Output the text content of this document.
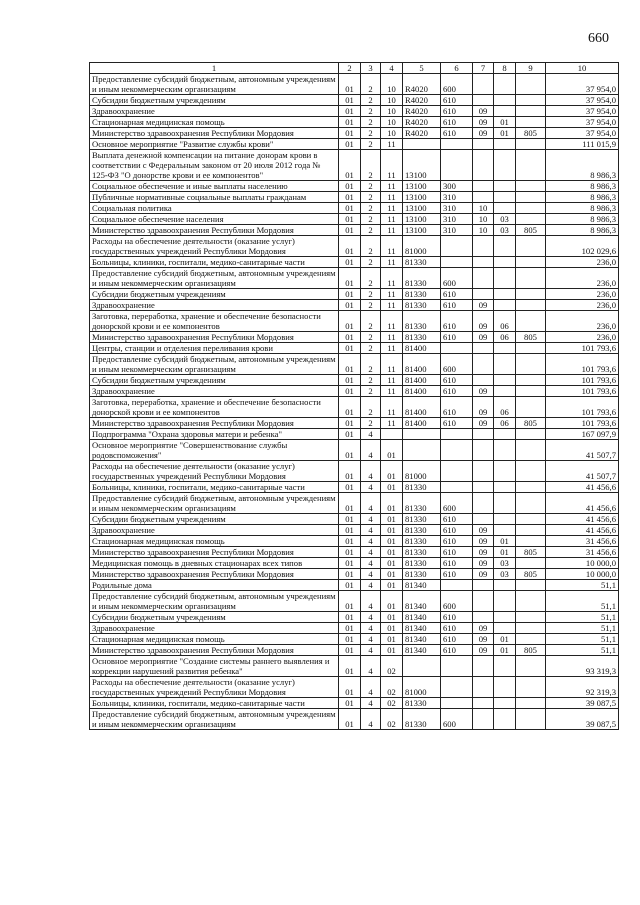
660
1	2	3	4	5	6	7	8	9	10
Предоставление субсидий бюджетным, автономным учреждениям и иным некоммерческим организациям	01	2	10	R4020	600				37 954,0
Субсидии бюджетным учреждениям	01	2	10	R4020	610				37 954,0
Здравоохранение	01	2	10	R4020	610	09			37 954,0
Стационарная медицинская помощь	01	2	10	R4020	610	09	01		37 954,0
Министерство здравоохранения Республики Мордовия	01	2	10	R4020	610	09	01	805	37 954,0
Основное мероприятие "Развитие службы крови"	01	2	11						111 015,9
Выплата денежной компенсации на питание донорам крови в соответствии с Федеральным законом от 20 июля 2012 года № 125-ФЗ "О донорстве крови и ее компонентов"	01	2	11	13100					8 986,3
Социальное обеспечение и иные выплаты населению	01	2	11	13100	300				8 986,3
Публичные нормативные социальные выплаты гражданам	01	2	11	13100	310				8 986,3
Социальная политика	01	2	11	13100	310	10			8 986,3
Социальное обеспечение населения	01	2	11	13100	310	10	03		8 986,3
Министерство здравоохранения Республики Мордовия	01	2	11	13100	310	10	03	805	8 986,3
Расходы на обеспечение деятельности (оказание услуг) государственных учреждений Республики Мордовия	01	2	11	81000					102 029,6
Больницы, клиники, госпитали, медико-санитарные части	01	2	11	81330					236,0
Предоставление субсидий бюджетным, автономным учреждениям и иным некоммерческим организациям	01	2	11	81330	600				236,0
Субсидии бюджетным учреждениям	01	2	11	81330	610				236,0
Здравоохранение	01	2	11	81330	610	09			236,0
Заготовка, переработка, хранение и обеспечение безопасности донорской крови и ее компонентов	01	2	11	81330	610	09	06		236,0
Министерство здравоохранения Республики Мордовия	01	2	11	81330	610	09	06	805	236,0
Центры, станции и отделения переливания крови	01	2	11	81400					101 793,6
Предоставление субсидий бюджетным, автономным учреждениям и иным некоммерческим организациям	01	2	11	81400	600				101 793,6
Субсидии бюджетным учреждениям	01	2	11	81400	610				101 793,6
Здравоохранение	01	2	11	81400	610	09			101 793,6
Заготовка, переработка, хранение и обеспечение безопасности донорской крови и ее компонентов	01	2	11	81400	610	09	06		101 793,6
Министерство здравоохранения Республики Мордовия	01	2	11	81400	610	09	06	805	101 793,6
Подпрограмма "Охрана здоровья матери и ребенка"	01	4							167 097,9
Основное мероприятие "Совершенствование службы родовспоможения"	01	4	01						41 507,7
Расходы на обеспечение деятельности (оказание услуг) государственных учреждений Республики Мордовия	01	4	01	81000					41 507,7
Больницы, клиники, госпитали, медико-санитарные части	01	4	01	81330					41 456,6
Предоставление субсидий бюджетным, автономным учреждениям и иным некоммерческим организациям	01	4	01	81330	600				41 456,6
Субсидии бюджетным учреждениям	01	4	01	81330	610				41 456,6
Здравоохранение	01	4	01	81330	610	09			41 456,6
Стационарная медицинская помощь	01	4	01	81330	610	09	01		31 456,6
Министерство здравоохранения Республики Мордовия	01	4	01	81330	610	09	01	805	31 456,6
Медицинская помощь в дневных стационарах всех типов	01	4	01	81330	610	09	03		10 000,0
Министерство здравоохранения Республики Мордовия	01	4	01	81330	610	09	03	805	10 000,0
Родильные дома	01	4	01	81340					51,1
Предоставление субсидий бюджетным, автономным учреждениям и иным некоммерческим организациям	01	4	01	81340	600				51,1
Субсидии бюджетным учреждениям	01	4	01	81340	610				51,1
Здравоохранение	01	4	01	81340	610	09			51,1
Стационарная медицинская помощь	01	4	01	81340	610	09	01		51,1
Министерство здравоохранения Республики Мордовия	01	4	01	81340	610	09	01	805	51,1
Основное мероприятие "Создание системы раннего выявления и коррекции нарушений развития ребенка"	01	4	02						93 319,3
Расходы на обеспечение деятельности (оказание услуг) государственных учреждений Республики Мордовия	01	4	02	81000					92 319,3
Больницы, клиники, госпитали, медико-санитарные части	01	4	02	81330					39 087,5
Предоставление субсидий бюджетным, автономным учреждениям и иным некоммерческим организациям	01	4	02	81330	600				39 087,5
